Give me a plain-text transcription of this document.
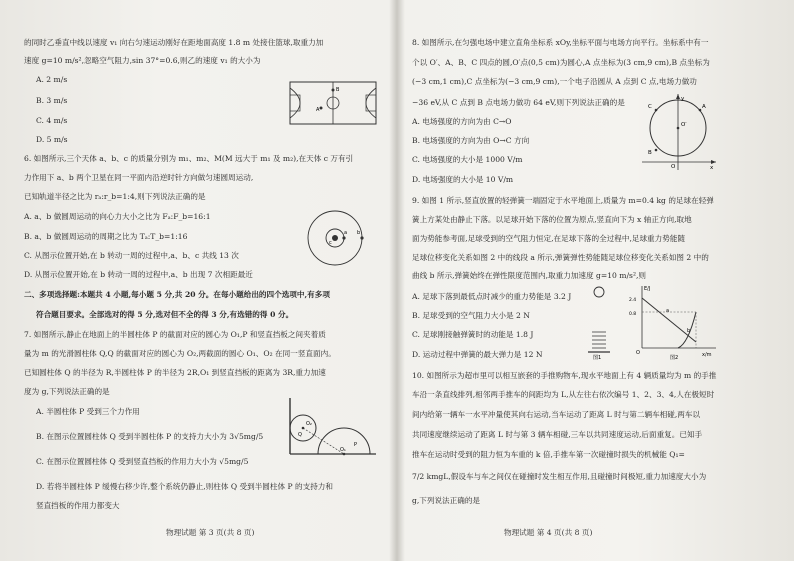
的同时乙垂直中线以速度 v₁ 向右匀速运动刚好在距地面高度 1.8 m 处接住篮球,取重力加
速度 g=10 m/s²,忽略空气阻力,sin 37°=0.6,则乙的速度 v₁ 的大小为
A. 2 m/s
B. 3 m/s
C. 4 m/s
D. 5 m/s
6. 如图所示,三个天体 a、b、c 的质量分别为 m₁、m₂、M(M 远大于 m₁ 及 m₂),在天体 c 万有引
力作用下 a、b 两个卫星在同一平面内沿逆时针方向做匀速圆周运动,
已知轨道半径之比为 rₐ:r_b=1:4,则下列说法正确的是
A. a、b 做圆周运动的向心力大小之比为 Fₐ:F_b=16:1
B. a、b 做圆周运动的周期之比为 Tₐ:T_b=1:16
C. 从图示位置开始,在 b 转动一周的过程中,a、b、c 共线 13 次
D. 从图示位置开始,在 b 转动一周的过程中,a、b 出现 7 次相距最近
二、多项选择题:本题共 4 小题,每小题 5 分,共 20 分。在每小题给出的四个选项中,有多项
符合题目要求。全部选对的得 5 分,选对但不全的得 3 分,有选错的得 0 分。
7. 如图所示,静止在地面上的半圆柱体 P 的截面对应的圆心为 O₁,P 和竖直挡板之间夹着质
量为 m 的光滑圆柱体 Q,Q 的截面对应的圆心为 O₂,两截面的圆心 O₁、O₂ 在同一竖直面内。
已知圆柱体 Q 的半径为 R,半圆柱体 P 的半径为 2R,O₁ 到竖直挡板的距离为 3R,重力加速
度为 g,下列说法正确的是
A. 半圆柱体 P 受到三个力作用
B. 在图示位置圆柱体 Q 受到半圆柱体 P 的支持力大小为 3√5mg/5
C. 在图示位置圆柱体 Q 受到竖直挡板的作用力大小为 √5mg/5
D. 若将半圆柱体 P 缓慢右移少许,整个系统仍静止,则柱体 Q 受到半圆柱体 P 的支持力和
竖直挡板的作用力都变大
A
B
a b
c
O₂
Q
O₁
P
物理试题 第 3 页(共 8 页)
8. 如图所示,在匀强电场中建立直角坐标系 xOy,坐标平面与电场方向平行。坐标系中有一
个以 O′、A、B、C 四点的圆,O′点(0,5 cm)为圆心,A 点坐标为(3 cm,9 cm),B 点坐标为
(−3 cm,1 cm),C 点坐标为(−3 cm,9 cm),一个电子沿圆从 A 点到 C 点,电场力做功
−36 eV,从 C 点到 B 点电场力做功 64 eV,则下列说法正确的是
A. 电场强度的方向为由 C→O
B. 电场强度的方向为由 O→C 方向
C. 电场强度的大小是 1000 V/m
D. 电场强度的大小是 10 V/m
9. 如图 1 所示,竖直放置的轻弹簧一端固定于水平地面上,质量为 m=0.4 kg 的足球在轻弹
簧上方某处由静止下落。以足球开始下落的位置为原点,竖直向下为 x 轴正方向,取地
面为势能参考面,足球受到的空气阻力恒定,在足球下落的全过程中,足球重力势能随
足球位移变化关系如图 2 中的线段 a 所示,弹簧弹性势能随足球位移变化关系如图 2 中的
曲线 b 所示,弹簧始终在弹性限度范围内,取重力加速度 g=10 m/s²,则
A. 足球下落到最低点时减少的重力势能是 3.2 J
B. 足球受到的空气阻力大小是 2 N
C. 足球刚接触弹簧时的动能是 1.8 J
D. 运动过程中弹簧的最大弹力是 12 N
10. 如图所示为超市里可以相互嵌套的手推购物车,现水平地面上有 4 辆质量均为 m 的手推
车沿一条直线排列,相邻两手推车的间距均为 L,从左往右依次编号 1、2、3、4,人在极短时
间内给第一辆车一水平冲量使其向右运动,当车运动了距离 L 时与第二辆车相碰,两车以
共同速度继续运动了距离 L 时与第 3 辆车相碰,三车以共同速度运动,后面重复。已知手
推车在运动时受到的阻力恒为车重的 k 倍,手推车第一次碰撞时损失的机械能 Q₁=
7/2 kmgL,假设车与车之间仅在碰撞时发生相互作用,且碰撞时间极短,重力加速度大小为
g,下列说法正确的是
C
O′
A
B
O	x
y
E/J
a
b
x/m
O
2.4
0.8
图1	图2
物理试题 第 4 页(共 8 页)
